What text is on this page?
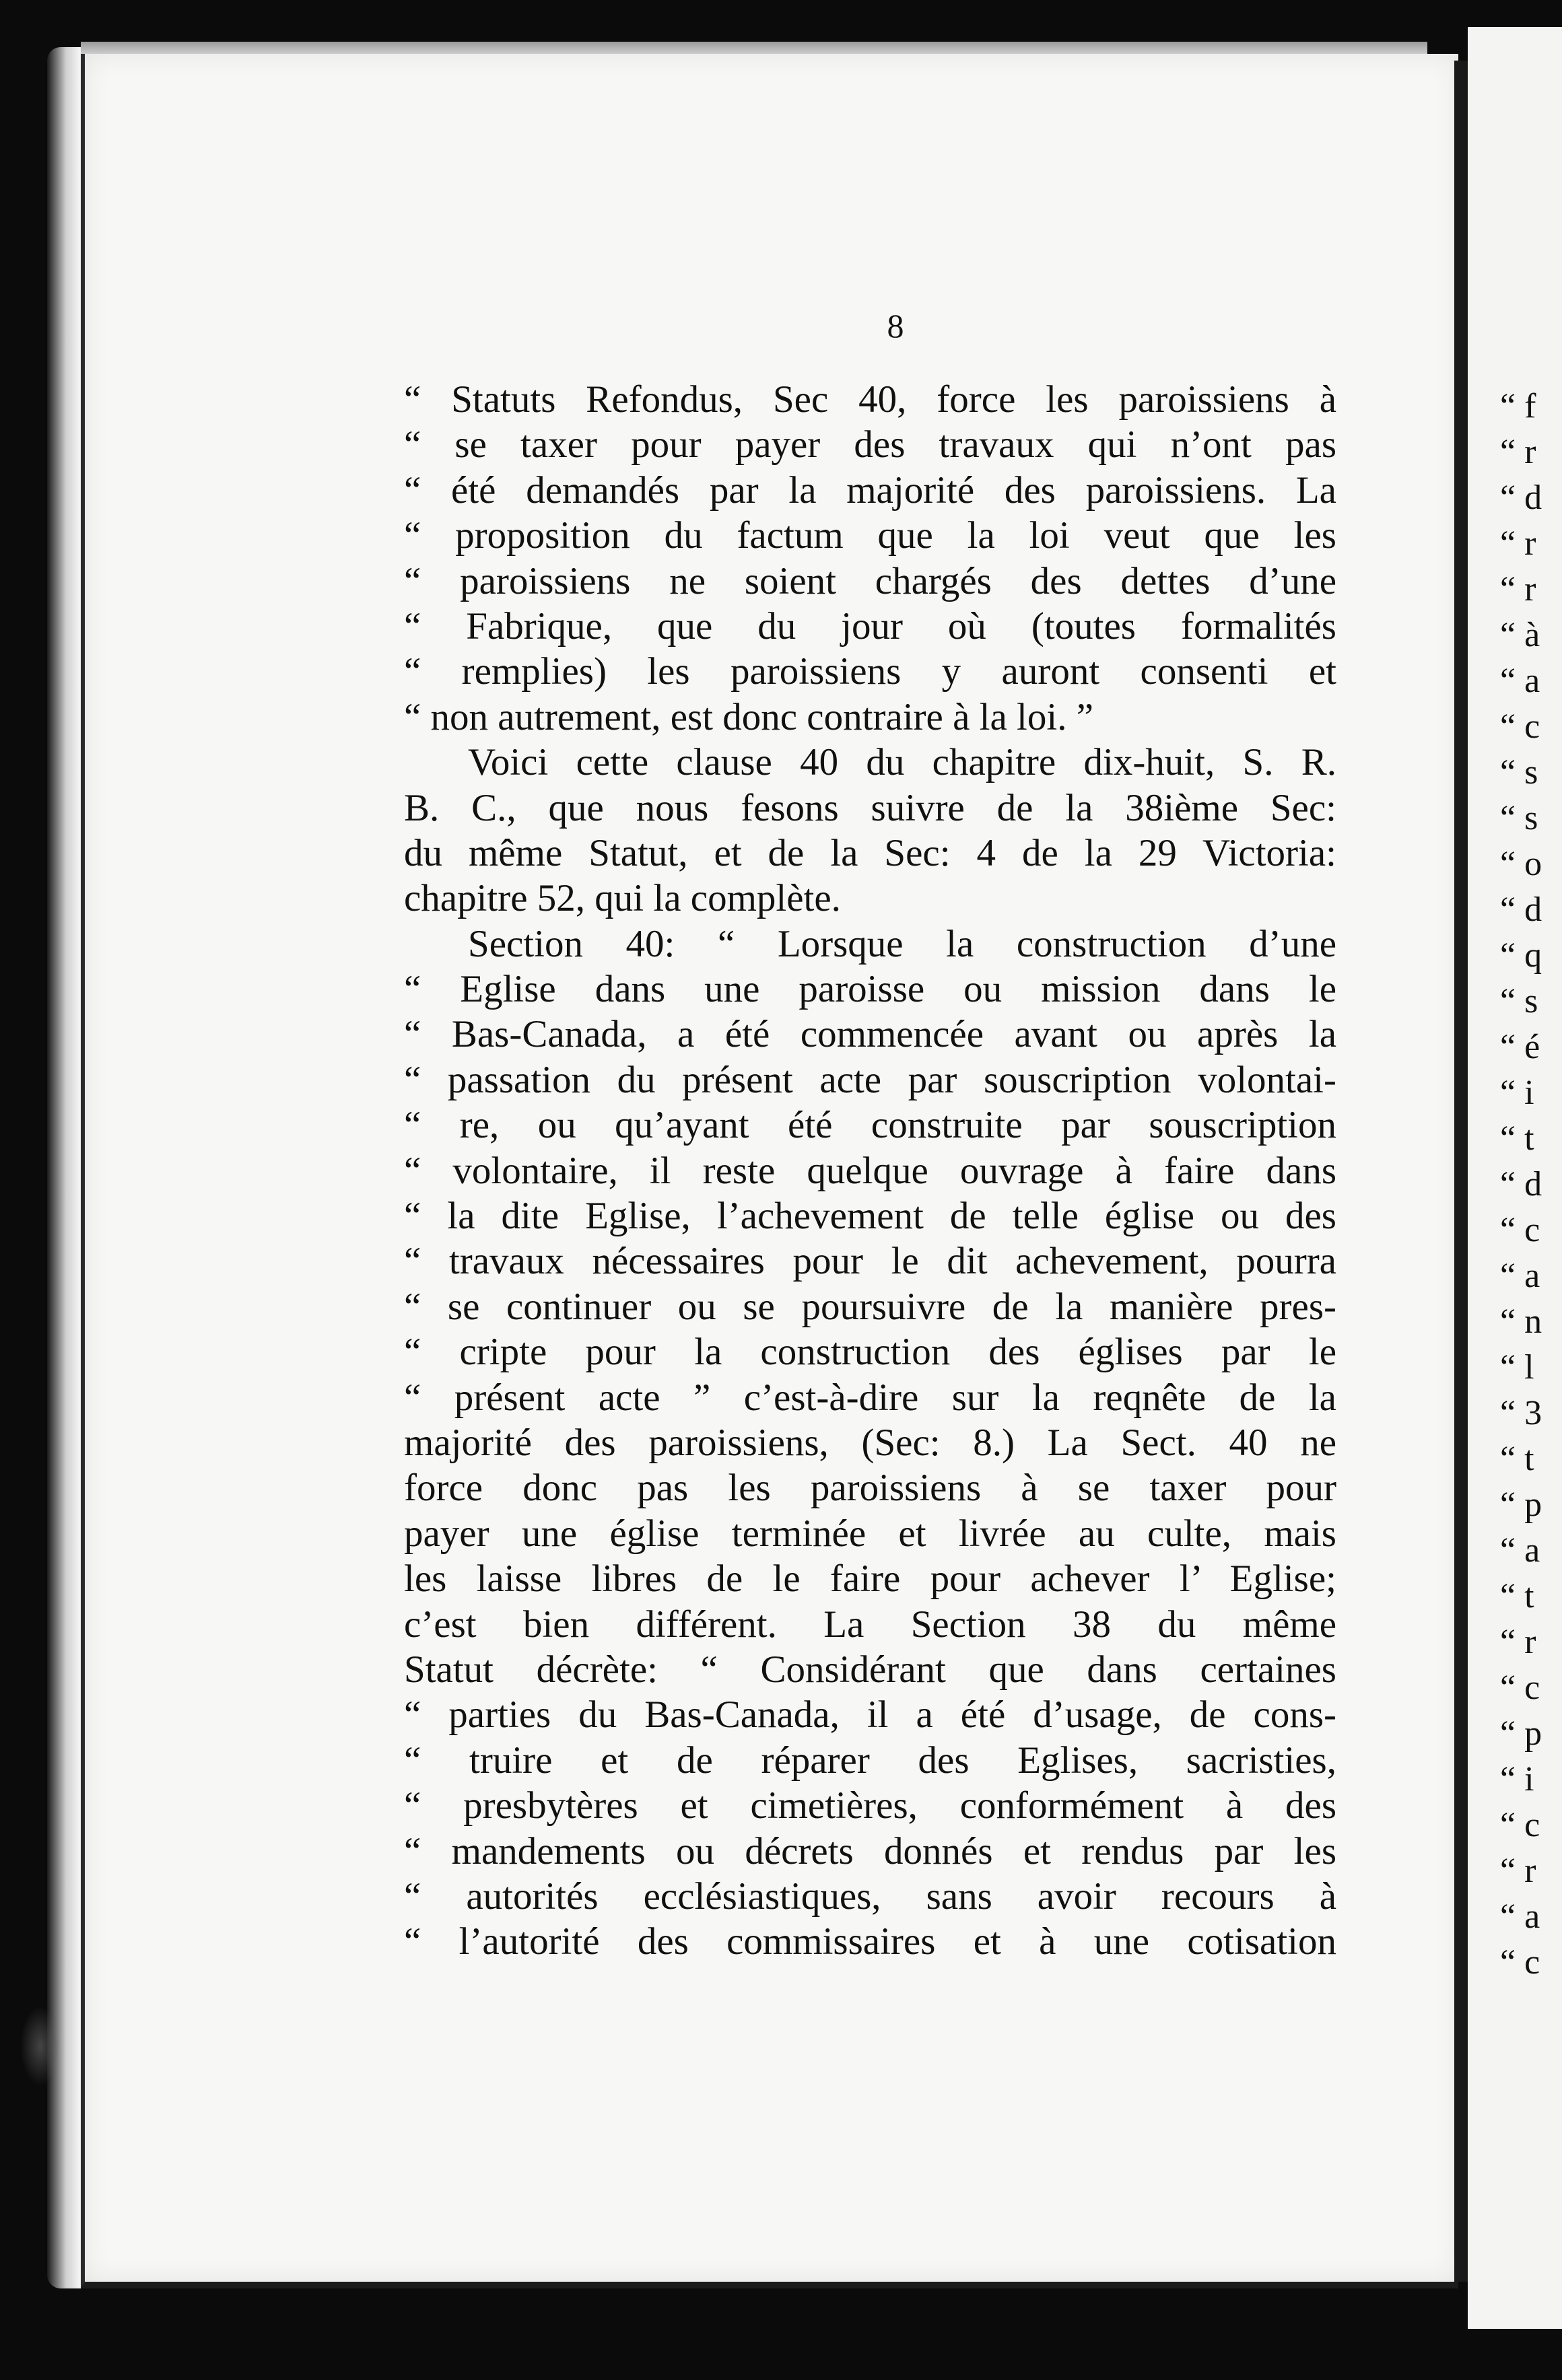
8
“ Statuts Refondus, Sec 40, force les paroissiens à
“ se taxer pour payer des travaux qui n’ont pas
“ été demandés par la majorité des paroissiens. La
“ proposition du factum que la loi veut que les
“ paroissiens ne soient chargés des dettes d’une
“ Fabrique, que du jour où (toutes formalités
“ remplies) les paroissiens y auront consenti et
“ non autrement, est donc contraire à la loi. ”
Voici cette clause 40 du chapitre dix-huit, S. R.
B. C., que nous fesons suivre de la 38ième Sec:
du même Statut, et de la Sec: 4 de la 29 Victoria:
chapitre 52, qui la complète.
Section 40: “ Lorsque la construction d’une
“ Eglise dans une paroisse ou mission dans le
“ Bas-Canada, a été commencée avant ou après la
“ passation du présent acte par souscription volontai-
“ re, ou qu’ayant été construite par souscription
“ volontaire, il reste quelque ouvrage à faire dans
“ la dite Eglise, l’achevement de telle église ou des
“ travaux nécessaires pour le dit achevement, pourra
“ se continuer ou se poursuivre de la manière pres-
“ cripte pour la construction des églises par le
“ présent acte ” c’est-à-dire sur la reqnête de la
majorité des paroissiens, (Sec: 8.) La Sect. 40 ne
force donc pas les paroissiens à se taxer pour
payer une église terminée et livrée au culte, mais
les laisse libres de le faire pour achever l’ Eglise;
c’est bien différent. La Section 38 du même
Statut décrète: “ Considérant que dans certaines
“ parties du Bas-Canada, il a été d’usage, de cons-
“ truire et de réparer des Eglises, sacristies,
“ presbytères et cimetières, conformément à des
“ mandements ou décrets donnés et rendus par les
“ autorités ecclésiastiques, sans avoir recours à
“ l’autorité des commissaires et à une cotisation
“ f
“ r
“ d
“ r
“ r
“ à
“ a
“ c
“ s
“ s
“ o
“ d
“ q
“ s
“ é
“ i
“ t
“ d
“ c
“ a
“ n
“ l
“ 3
“ t
“ p
“ a
“ t
“ r
“ c
“ p
“ i
“ c
“ r
“ a
“ c
